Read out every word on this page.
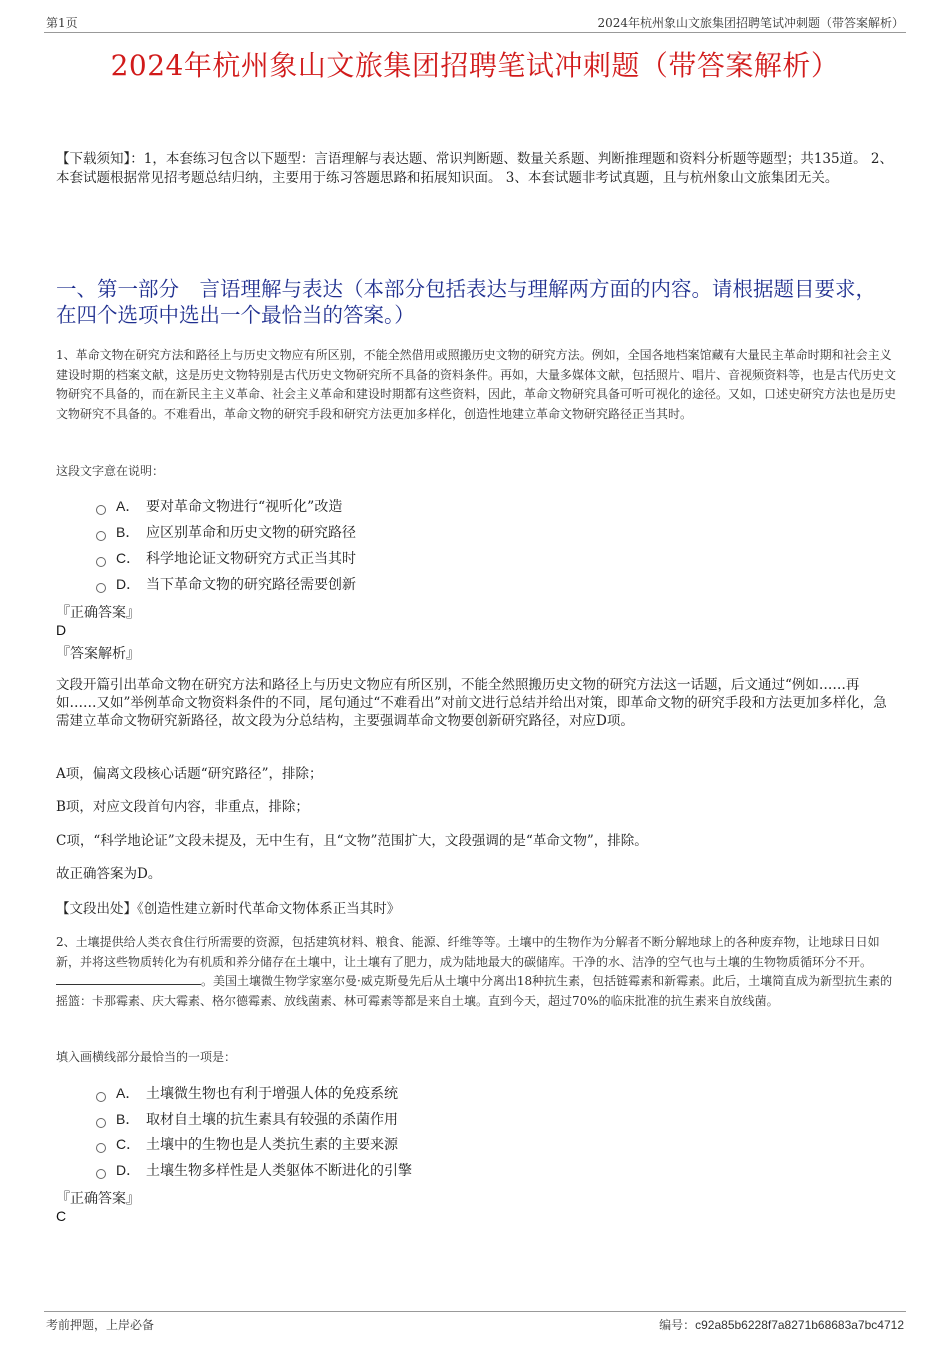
第1页	2024年杭州象山文旅集团招聘笔试冲刺题（带答案解析）
2024年杭州象山文旅集团招聘笔试冲刺题（带答案解析）
【下载须知】：1，本套练习包含以下题型：言语理解与表达题、常识判断题、数量关系题、判断推理题和资料分析题等题型；共135道。 2、本套试题根据常见招考题总结归纳，主要用于练习答题思路和拓展知识面。 3、本套试题非考试真题，且与杭州象山文旅集团无关。
一、第一部分　言语理解与表达（本部分包括表达与理解两方面的内容。请根据题目要求，在四个选项中选出一个最恰当的答案。）
1、革命文物在研究方法和路径上与历史文物应有所区别，不能全然借用或照搬历史文物的研究方法。例如，全国各地档案馆藏有大量民主革命时期和社会主义建设时期的档案文献，这是历史文物特别是古代历史文物研究所不具备的资料条件。再如，大量多媒体文献，包括照片、唱片、音视频资料等，也是古代历史文物研究不具备的，而在新民主主义革命、社会主义革命和建设时期都有这些资料，因此，革命文物研究具备可听可视化的途径。又如，口述史研究方法也是历史文物研究不具备的。不难看出，革命文物的研究手段和研究方法更加多样化，创造性地建立革命文物研究路径正当其时。
这段文字意在说明：
A． 要对革命文物进行“视听化”改造
B． 应区别革命和历史文物的研究路径
C． 科学地论证文物研究方式正当其时
D． 当下革命文物的研究路径需要创新
『正确答案』
D
『答案解析』
文段开篇引出革命文物在研究方法和路径上与历史文物应有所区别，不能全然照搬历史文物的研究方法这一话题，后文通过“例如……再如……又如”举例革命文物资料条件的不同，尾句通过“不难看出”对前文进行总结并给出对策，即革命文物的研究手段和方法更加多样化，急需建立革命文物研究新路径，故文段为分总结构，主要强调革命文物要创新研究路径，对应D项。
A项，偏离文段核心话题“研究路径”，排除；
B项，对应文段首句内容，非重点，排除；
C项，“科学地论证”文段未提及，无中生有，且“文物”范围扩大，文段强调的是“革命文物”，排除。
故正确答案为D。
【文段出处】《创造性建立新时代革命文物体系正当其时》
2、土壤提供给人类衣食住行所需要的资源，包括建筑材料、粮食、能源、纤维等等。土壤中的生物作为分解者不断分解地球上的各种废弃物，让地球日日如新，并将这些物质转化为有机质和养分储存在土壤中，让土壤有了肥力，成为陆地最大的碳储库。干净的水、洁净的空气也与土壤的生物物质循环分不开。。美国土壤微生物学家塞尔曼·威克斯曼先后从土壤中分离出18种抗生素，包括链霉素和新霉素。此后，土壤简直成为新型抗生素的摇篮：卡那霉素、庆大霉素、格尔德霉素、放线菌素、林可霉素等都是来自土壤。直到今天，超过70%的临床批准的抗生素来自放线菌。
填入画横线部分最恰当的一项是：
A． 土壤微生物也有利于增强人体的免疫系统
B． 取材自土壤的抗生素具有较强的杀菌作用
C． 土壤中的生物也是人类抗生素的主要来源
D． 土壤生物多样性是人类躯体不断进化的引擎
『正确答案』
C
考前押题，上岸必备	编号：c92a85b6228f7a8271b68683a7bc4712
